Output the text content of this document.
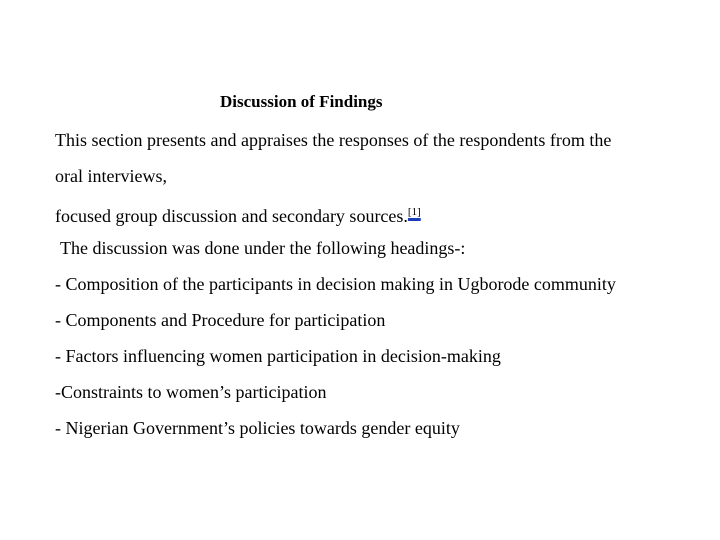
Discussion of Findings
This section presents and appraises the responses of the respondents from the
oral interviews,
focused group discussion and secondary sources.[1]
The discussion was done under the following headings-:
- Composition of the participants in decision making in Ugborode community
- Components and Procedure for participation
- Factors influencing women participation in decision-making
-Constraints to women’s participation
- Nigerian Government’s policies towards gender equity
